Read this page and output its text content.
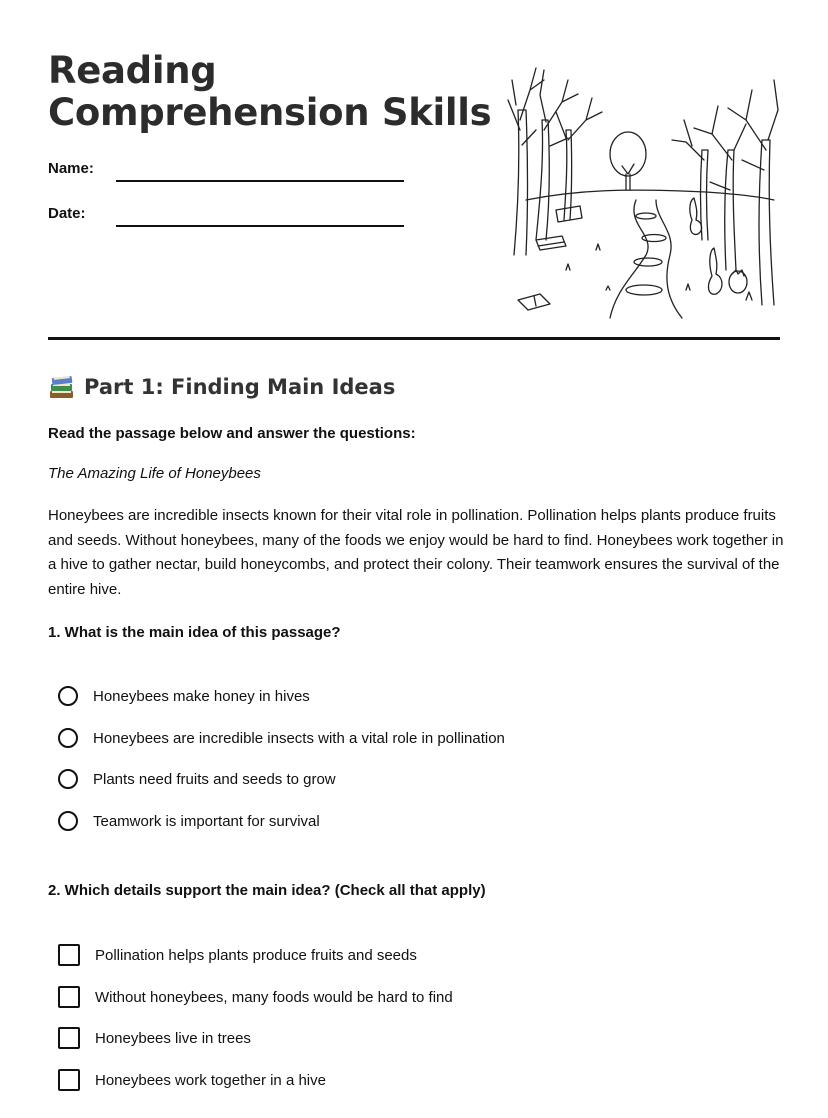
Reading
Comprehension Skills
Name:
Date:
Part 1: Finding Main Ideas
Read the passage below and answer the questions:
The Amazing Life of Honeybees

Honeybees are incredible insects known for their vital role in pollination. Pollination helps plants produce fruits and seeds. Without honeybees, many of the foods we enjoy would be hard to find. Honeybees work together in a hive to gather nectar, build honeycombs, and protect their colony. Their teamwork ensures the survival of the entire hive.

1. What is the main idea of this passage?
Honeybees make honey in hives
Honeybees are incredible insects with a vital role in pollination
Plants need fruits and seeds to grow
Teamwork is important for survival
2. Which details support the main idea? (Check all that apply)
Pollination helps plants produce fruits and seeds
Without honeybees, many foods would be hard to find
Honeybees live in trees
Honeybees work together in a hive
